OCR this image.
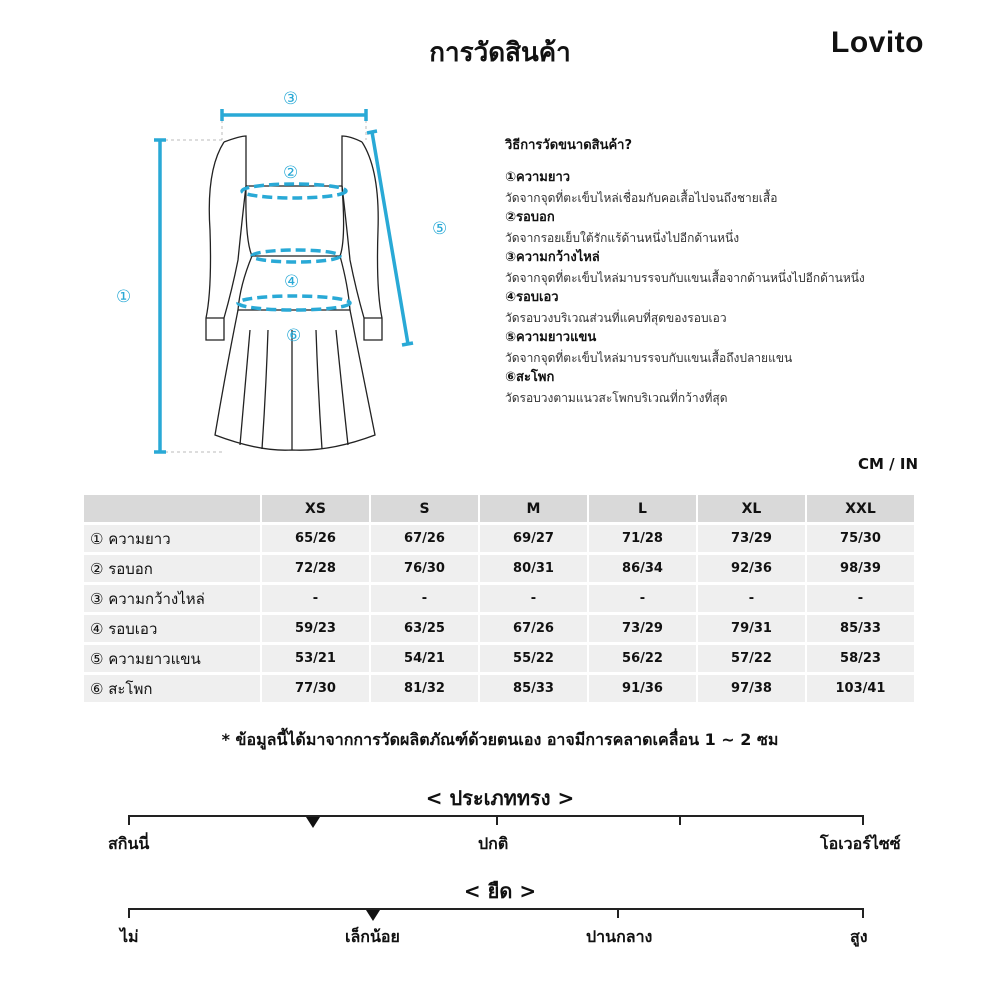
การวัดสินค้า	Lovito
①
②
③
④
⑤
⑥
วิธีการวัดขนาดสินค้า?
①ความยาว
วัดจากจุดที่ตะเข็บไหล่เชื่อมกับคอเสื้อไปจนถึงชายเสื้อ
②รอบอก
วัดจากรอยเย็บใต้รักแร้ด้านหนึ่งไปอีกด้านหนึ่ง
③ความกว้างไหล่
วัดจากจุดที่ตะเข็บไหล่มาบรรจบกับแขนเสื้อจากด้านหนึ่งไปอีกด้านหนึ่ง
④รอบเอว
วัดรอบวงบริเวณส่วนที่แคบที่สุดของรอบเอว
⑤ความยาวแขน
วัดจากจุดที่ตะเข็บไหล่มาบรรจบกับแขนเสื้อถึงปลายแขน
⑥สะโพก
วัดรอบวงตามแนวสะโพกบริเวณที่กว้างที่สุด
CM / IN
	XS	S	M	L	XL	XXL
① ความยาว	65/26	67/26	69/27	71/28	73/29	75/30
② รอบอก	72/28	76/30	80/31	86/34	92/36	98/39
③ ความกว้างไหล่	-	-	-	-	-	-
④ รอบเอว	59/23	63/25	67/26	73/29	79/31	85/33
⑤ ความยาวแขน	53/21	54/21	55/22	56/22	57/22	58/23
⑥ สะโพก	77/30	81/32	85/33	91/36	97/38	103/41
* ข้อมูลนี้ได้มาจากการวัดผลิตภัณฑ์ด้วยตนเอง อาจมีการคลาดเคลื่อน 1 ~ 2 ซม
< ประเภททรง >
สกินนี่	ปกติ	โอเวอร์ไซซ์
< ยืด >
ไม่	เล็กน้อย	ปานกลาง	สูง
